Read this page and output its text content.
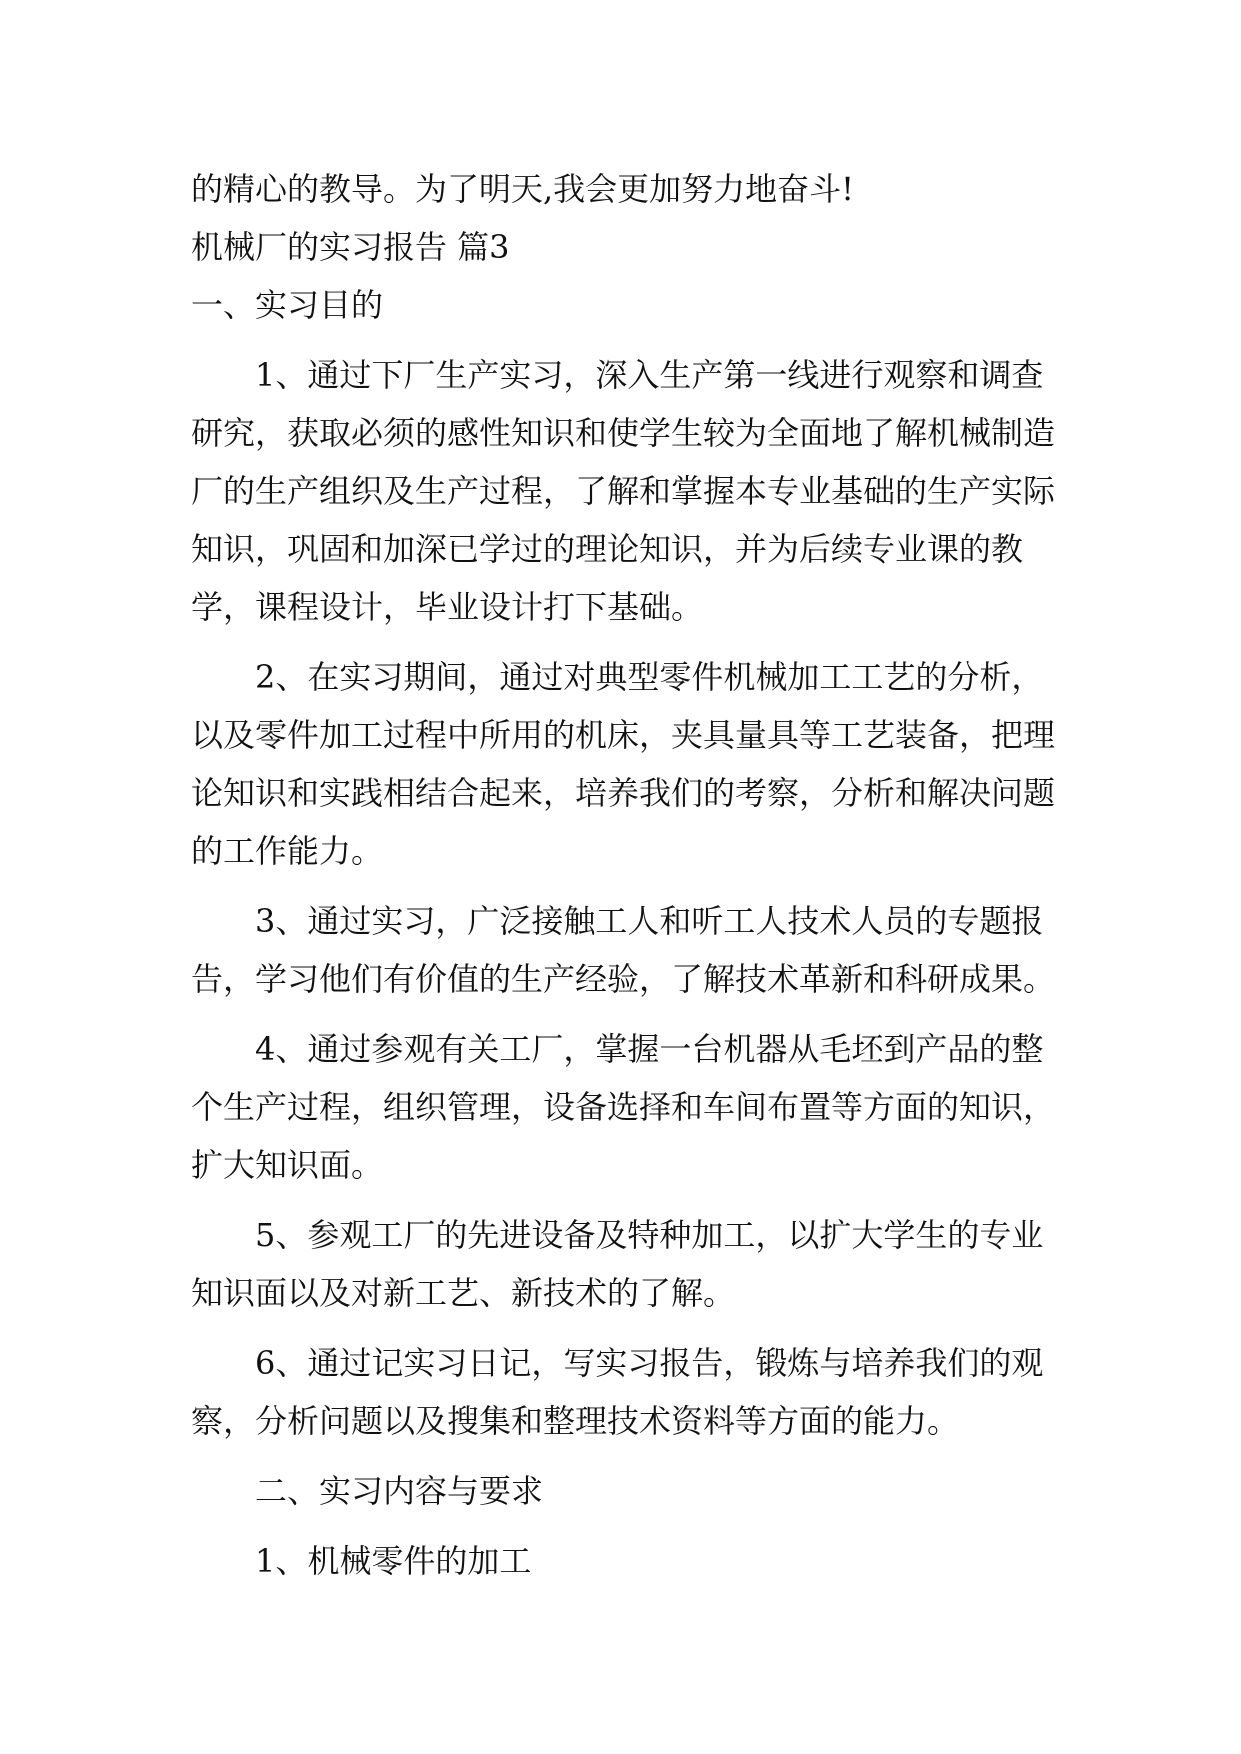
的精心的教导。为了明天,我会更加努力地奋斗!

机械厂的实习报告 篇3

一、实习目的

1、通过下厂生产实习，深入生产第一线进行观察和调查研究，获取必须的感性知识和使学生较为全面地了解机械制造厂的生产组织及生产过程，了解和掌握本专业基础的生产实际知识，巩固和加深已学过的理论知识，并为后续专业课的教学，课程设计，毕业设计打下基础。

2、在实习期间，通过对典型零件机械加工工艺的分析，以及零件加工过程中所用的机床，夹具量具等工艺装备，把理论知识和实践相结合起来，培养我们的考察，分析和解决问题的工作能力。

3、通过实习，广泛接触工人和听工人技术人员的专题报告，学习他们有价值的生产经验，了解技术革新和科研成果。

4、通过参观有关工厂，掌握一台机器从毛坯到产品的整个生产过程，组织管理，设备选择和车间布置等方面的知识，扩大知识面。

5、参观工厂的先进设备及特种加工，以扩大学生的专业知识面以及对新工艺、新技术的了解。

6、通过记实习日记，写实习报告，锻炼与培养我们的观察，分析问题以及搜集和整理技术资料等方面的能力。

二、实习内容与要求

1、机械零件的加工
